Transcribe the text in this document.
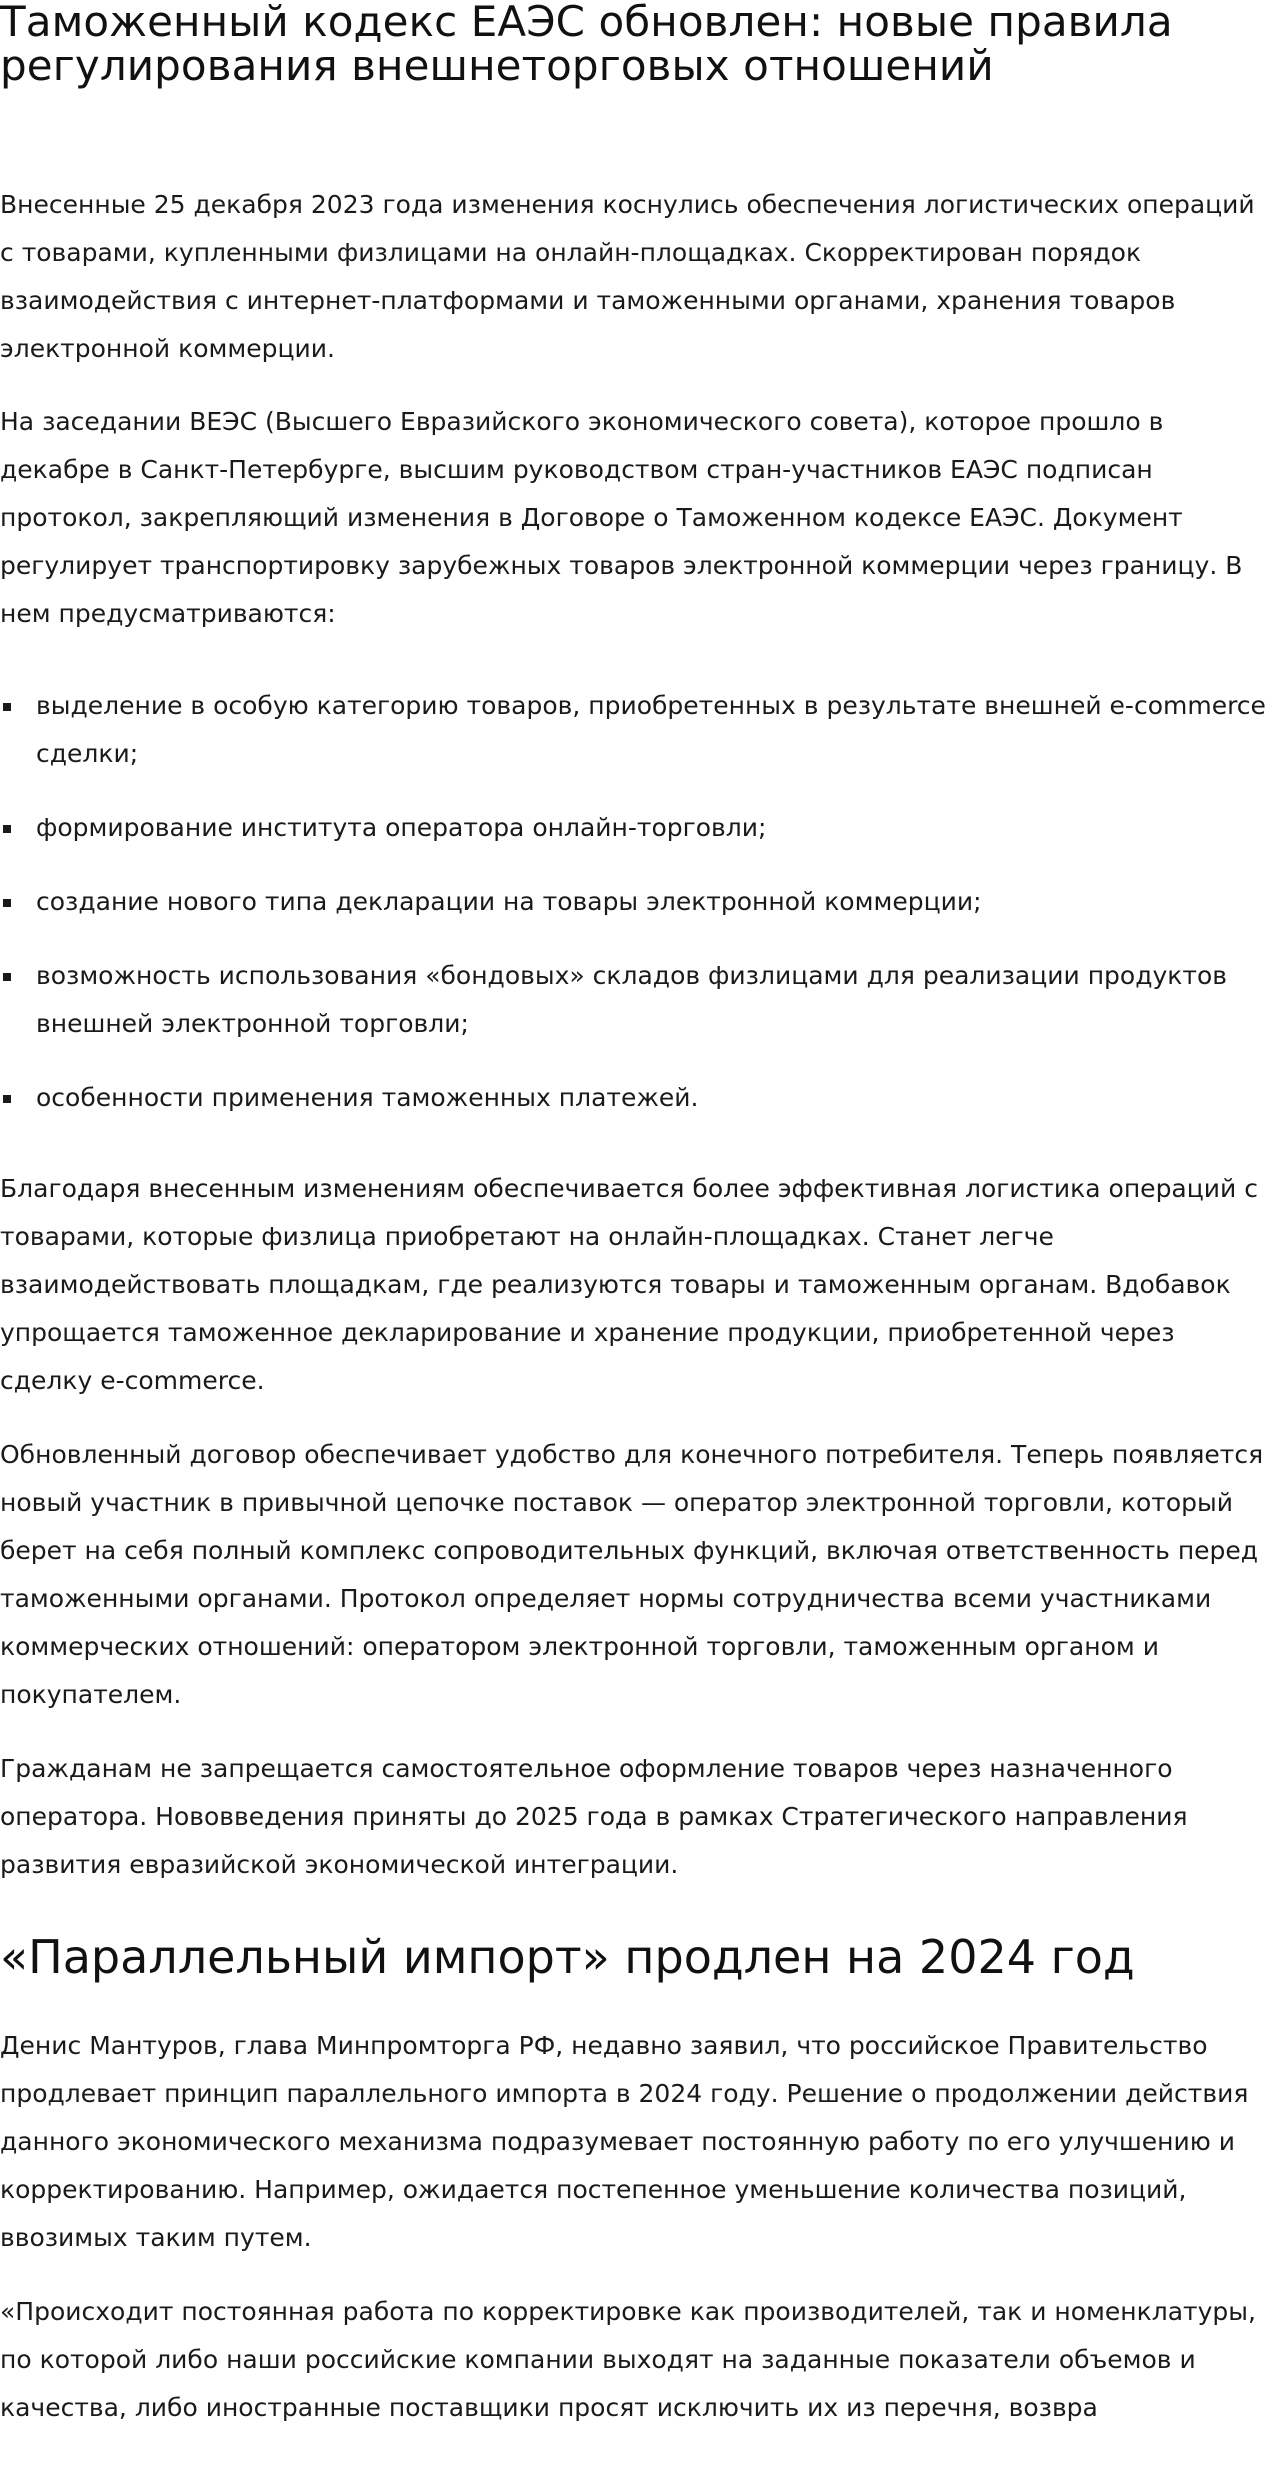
Таможенный кодекс ЕАЭС обновлен: новые правила регулирования внешнеторговых отношений

Внесенные 25 декабря 2023 года изменения коснулись обеспечения логистических операций с товарами, купленными физлицами на онлайн-площадках. Скорректирован порядок взаимодействия с интернет-платформами и таможенными органами, хранения товаров электронной коммерции.

На заседании ВЕЭС (Высшего Евразийского экономического совета), которое прошло в декабре в Санкт-Петербурге, высшим руководством стран-участников ЕАЭС подписан протокол, закрепляющий изменения в Договоре о Таможенном кодексе ЕАЭС. Документ регулирует транспортировку зарубежных товаров электронной коммерции через границу. В нем предусматриваются:

выделение в особую категорию товаров, приобретенных в результате внешней e-commerce сделки;
формирование института оператора онлайн-торговли;
создание нового типа декларации на товары электронной коммерции;
возможность использования «бондовых» складов физлицами для реализации продуктов внешней электронной торговли;
особенности применения таможенных платежей.

Благодаря внесенным изменениям обеспечивается более эффективная логистика операций с товарами, которые физлица приобретают на онлайн-площадках. Станет легче взаимодействовать площадкам, где реализуются товары и таможенным органам. Вдобавок упрощается таможенное декларирование и хранение продукции, приобретенной через сделку e-commerce.

Обновленный договор обеспечивает удобство для конечного потребителя. Теперь появляется новый участник в привычной цепочке поставок — оператор электронной торговли, который берет на себя полный комплекс сопроводительных функций, включая ответственность перед таможенными органами. Протокол определяет нормы сотрудничества всеми участниками коммерческих отношений: оператором электронной торговли, таможенным органом и покупателем.

Гражданам не запрещается самостоятельное оформление товаров через назначенного оператора. Нововведения приняты до 2025 года в рамках Стратегического направления развития евразийской экономической интеграции.

«Параллельный импорт» продлен на 2024 год

Денис Мантуров, глава Минпромторга РФ, недавно заявил, что российское Правительство продлевает принцип параллельного импорта в 2024 году. Решение о продолжении действия данного экономического механизма подразумевает постоянную работу по его улучшению и корректированию. Например, ожидается постепенное уменьшение количества позиций, ввозимых таким путем.

«Происходит постоянная работа по корректировке как производителей, так и номенклатуры, по которой либо наши российские компании выходят на заданные показатели объемов и качества, либо иностранные поставщики просят исключить их из перечня, возвра
